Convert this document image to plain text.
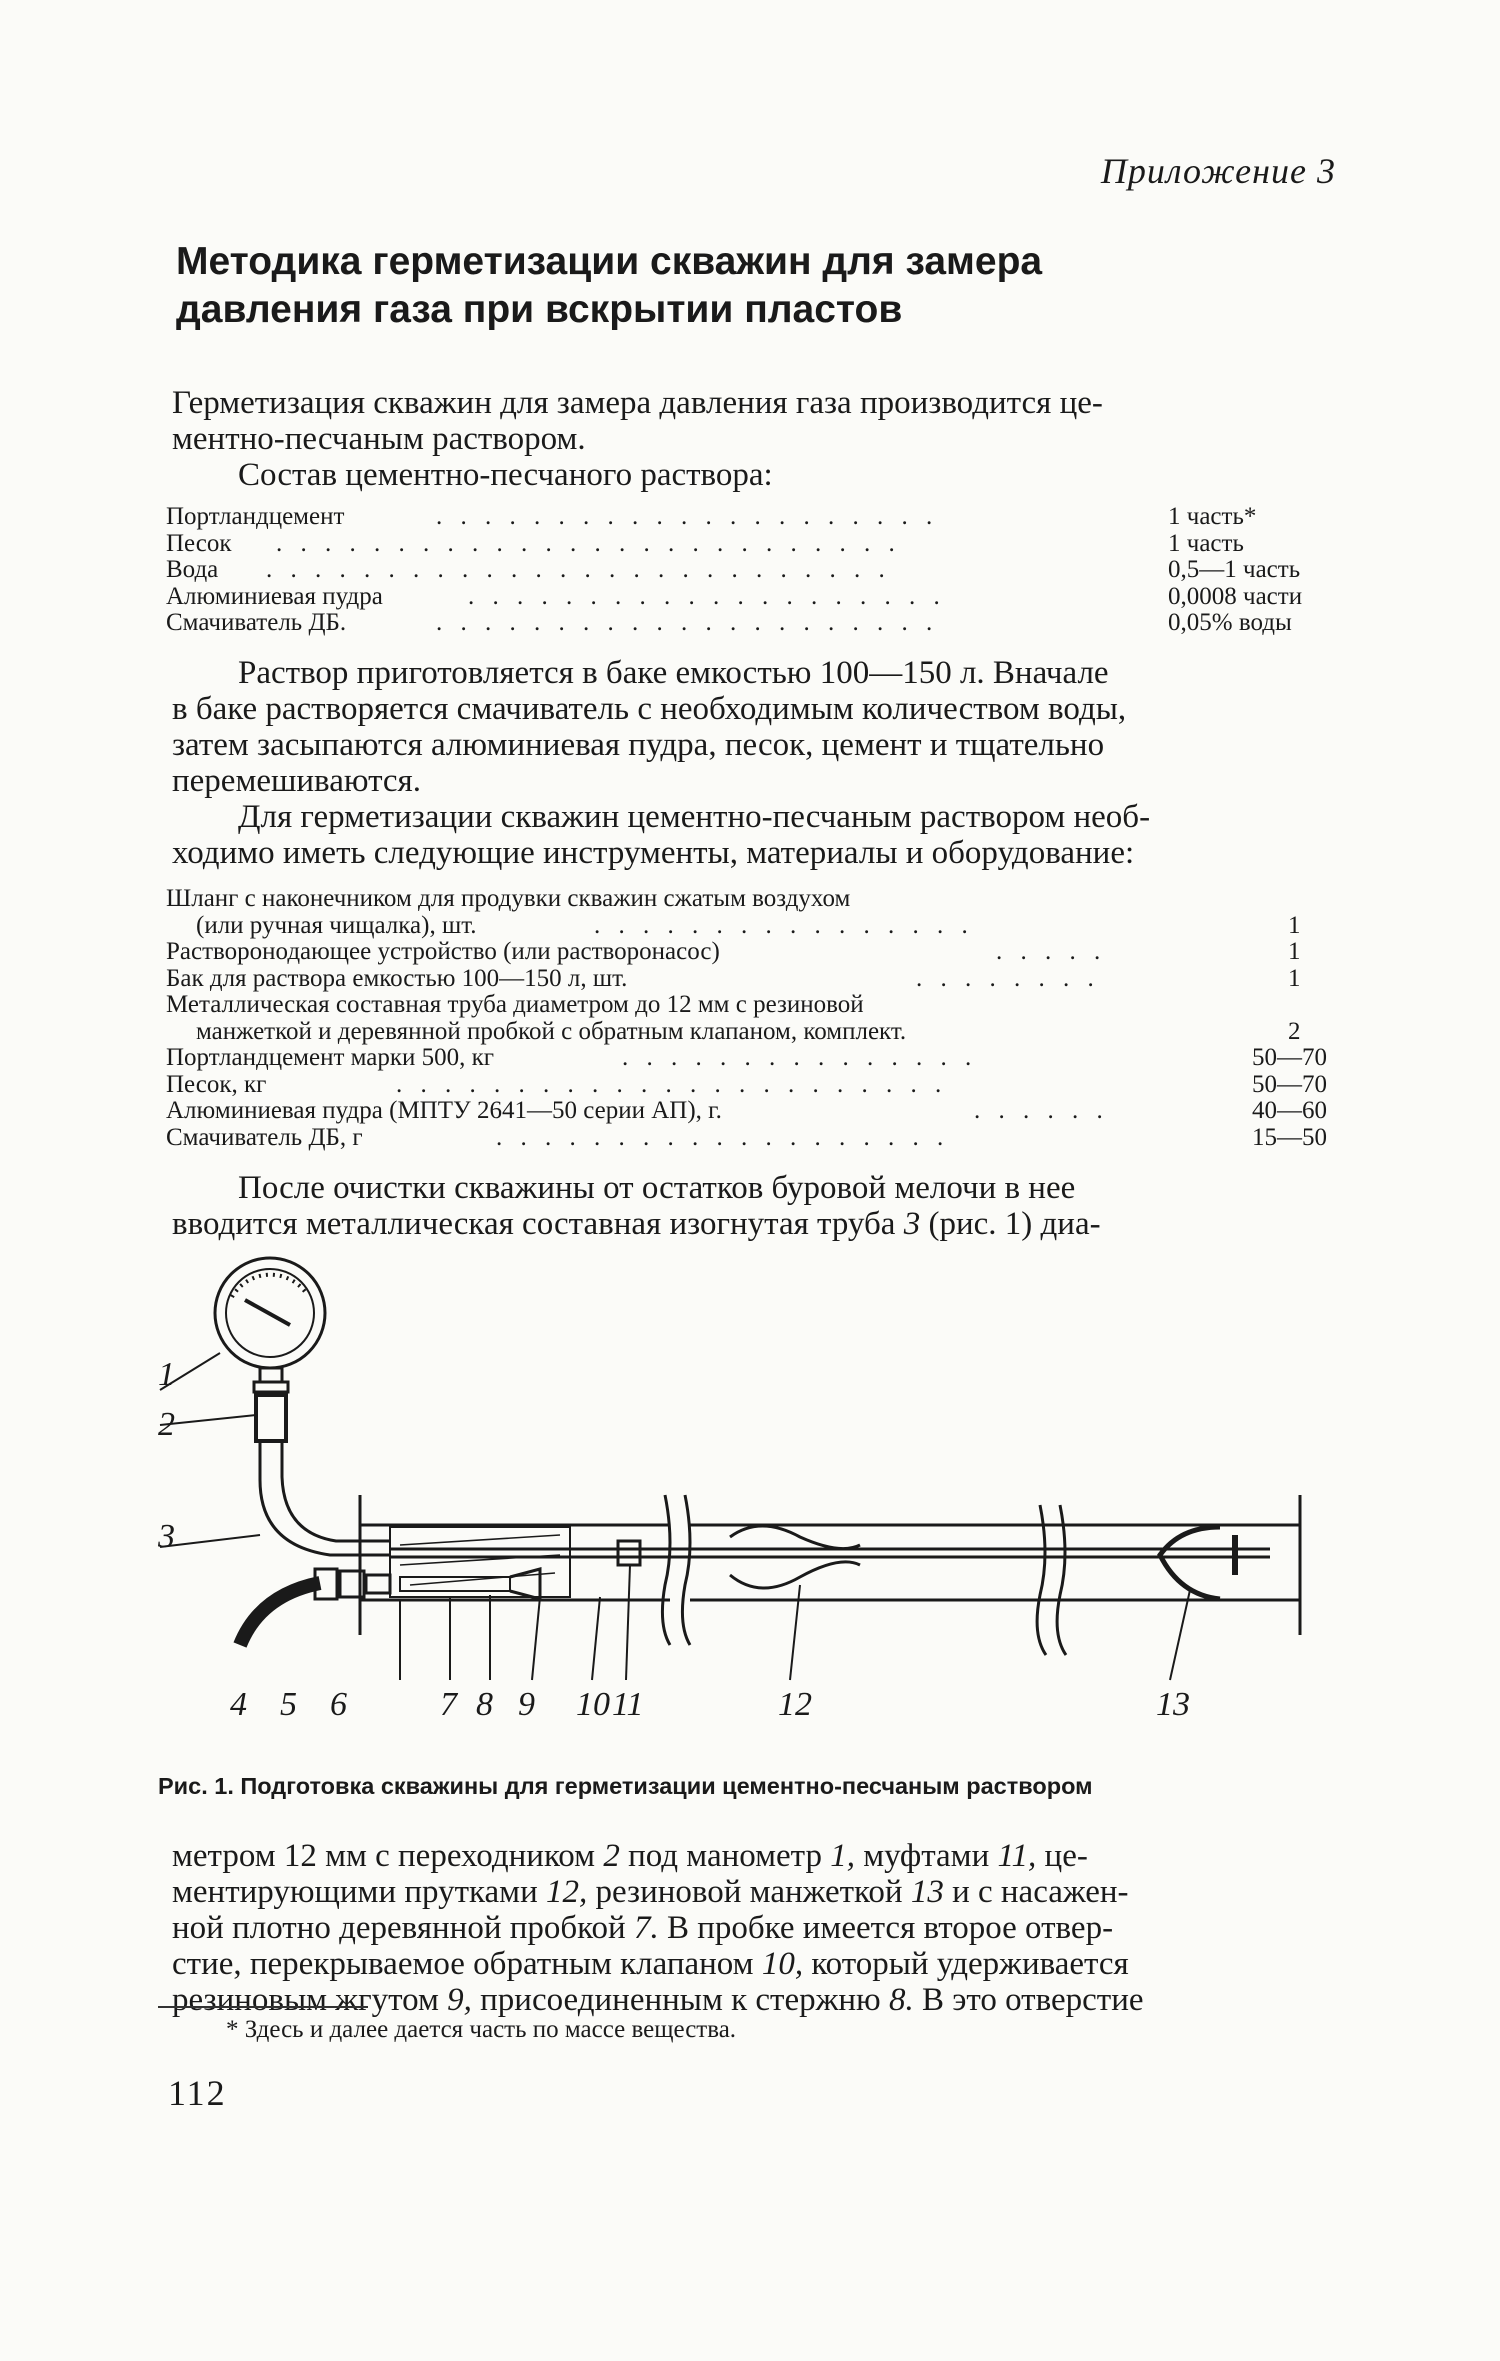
Приложение 3
Методика герметизации скважин для замера
давления газа при вскрытии пластов
Герметизация скважин для замера давления газа производится це-
ментно-песчаным раствором.
Состав цементно-песчаного раствора:
Портландцемент	. . . . . . . . . . . . . . . . . . . . .	1 часть*
Песок . . . . . . . . . . . . . . . . . . . . . . . . . .	1 часть
Вода . . . . . . . . . . . . . . . . . . . . . . . . . .	0,5—1 часть
Алюминиевая пудра	. . . . . . . . . . . . . . . . . . . .	0,0008 части
Смачиватель ДБ.	. . . . . . . . . . . . . . . . . . . . .	0,05% воды
Раствор приготовляется в баке емкостью 100—150 л. Вначале
в баке растворяется смачиватель с необходимым количеством воды,
затем засыпаются алюминиевая пудра, песок, цемент и тщательно
перемешиваются.
Для герметизации скважин цементно-песчаным раствором необ-
ходимо иметь следующие инструменты, материалы и оборудование:
Шланг с наконечником для продувки скважин сжатым воздухом
(или ручная чищалка), шт.	. . . . . . . . . . . . . . . .	1
Растворонодающее устройство (или растворонасос)	. . . . .	1
Бак для раствора емкостью 100—150 л, шт.	. . . . . . . .	1
Металлическая составная труба диаметром до 12 мм с резиновой
манжеткой и деревянной пробкой с обратным клапаном, комплект.	2
Портландцемент марки 500, кг	. . . . . . . . . . . . . . .	50—70
Песок, кг	. . . . . . . . . . . . . . . . . . . . . . .	50—70
Алюминиевая пудра (МПТУ 2641—50 серии АП), г.	. . . . . .	40—60
Смачиватель ДБ, г	. . . . . . . . . . . . . . . . . . .	15—50
После очистки скважины от остатков буровой мелочи в нее
вводится металлическая составная изогнутая труба 3 (рис. 1) диа-
1
2
3
4 5 6	7 8 9 10 11	12	13
Рис. 1. Подготовка скважины для герметизации цементно-песчаным раствором
метром 12 мм с переходником 2 под манометр 1, муфтами 11, це-
ментирующими прутками 12, резиновой манжеткой 13 и с насажен-
ной плотно деревянной пробкой 7. В пробке имеется второе отвер-
стие, перекрываемое обратным клапаном 10, который удерживается
резиновым жгутом 9, присоединенным к стержню 8. В это отверстие
* Здесь и далее дается часть по массе вещества.
112
